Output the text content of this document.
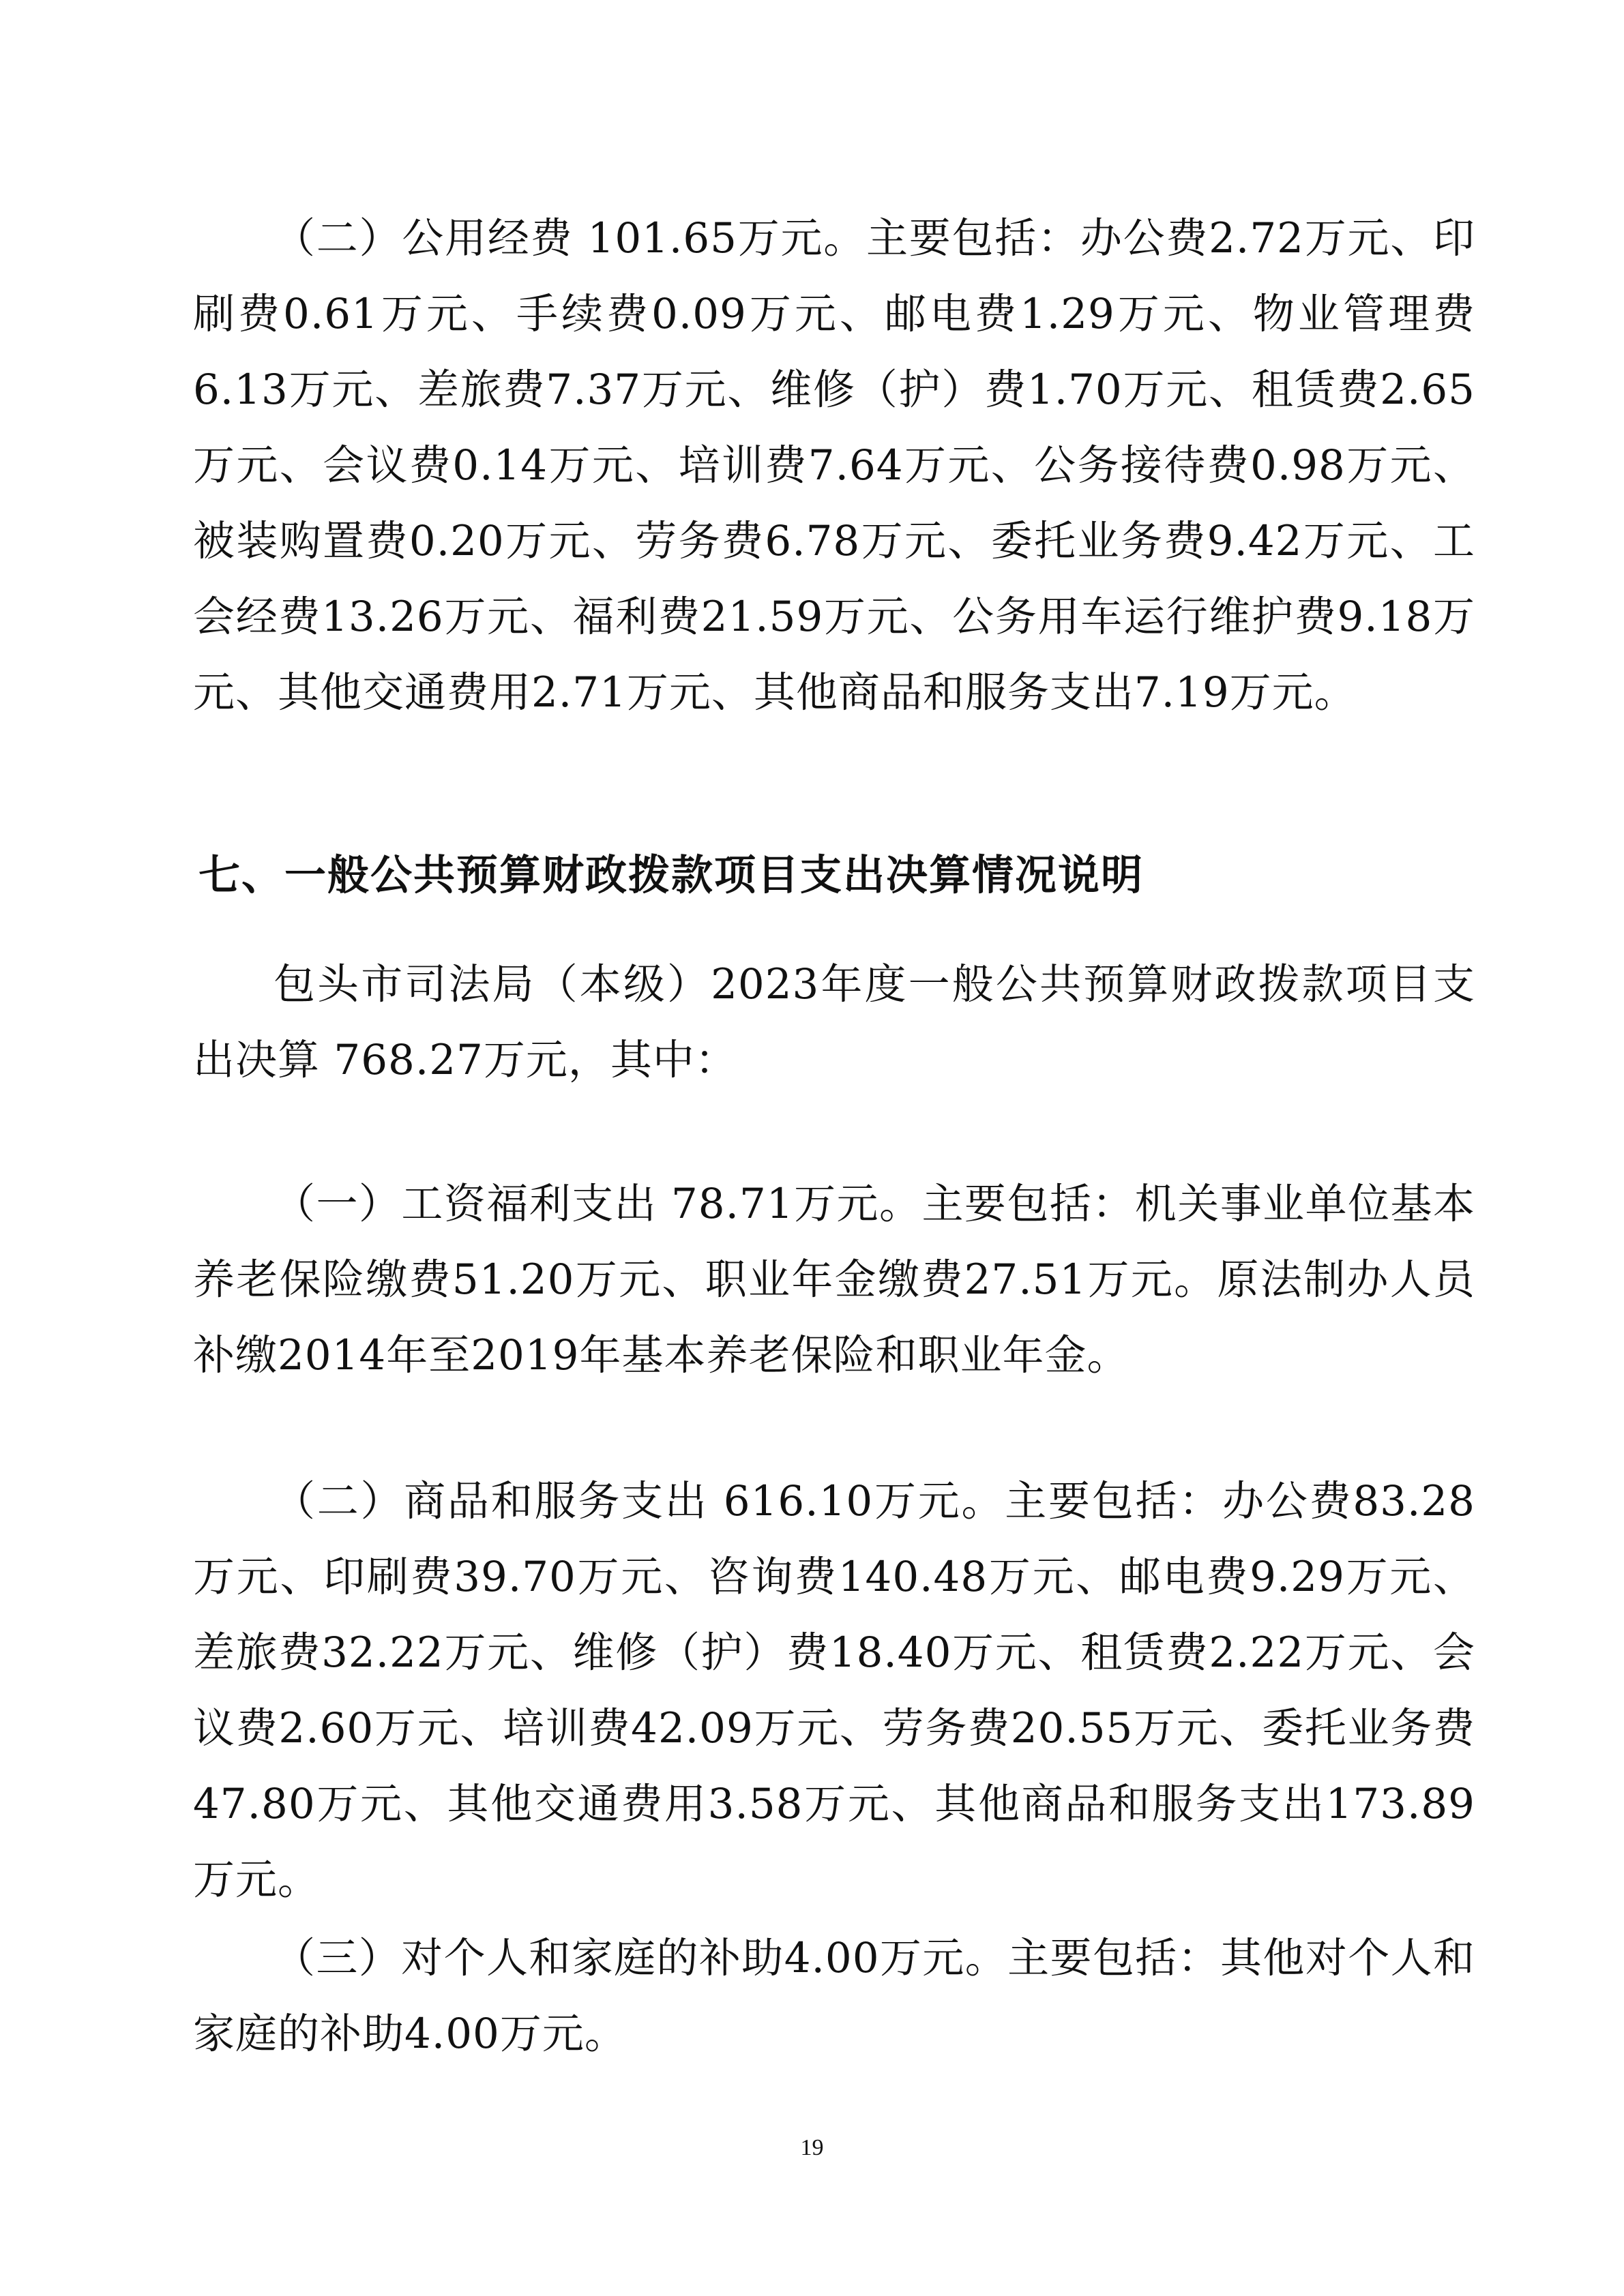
（二）公用经费 101.65万元。主要包括：办公费2.72万元、印刷费0.61万元、手续费0.09万元、邮电费1.29万元、物业管理费6.13万元、差旅费7.37万元、维修（护）费1.70万元、租赁费2.65万元、会议费0.14万元、培训费7.64万元、公务接待费0.98万元、被装购置费0.20万元、劳务费6.78万元、委托业务费9.42万元、工会经费13.26万元、福利费21.59万元、公务用车运行维护费9.18万元、其他交通费用2.71万元、其他商品和服务支出7.19万元。

七、一般公共预算财政拨款项目支出决算情况说明

包头市司法局（本级）2023年度一般公共预算财政拨款项目支出决算 768.27万元，其中：

（一）工资福利支出 78.71万元。主要包括：机关事业单位基本养老保险缴费51.20万元、职业年金缴费27.51万元。原法制办人员补缴2014年至2019年基本养老保险和职业年金。

（二）商品和服务支出 616.10万元。主要包括：办公费83.28万元、印刷费39.70万元、咨询费140.48万元、邮电费9.29万元、差旅费32.22万元、维修（护）费18.40万元、租赁费2.22万元、会议费2.60万元、培训费42.09万元、劳务费20.55万元、委托业务费47.80万元、其他交通费用3.58万元、其他商品和服务支出173.89万元。

（三）对个人和家庭的补助4.00万元。主要包括：其他对个人和家庭的补助4.00万元。

19
